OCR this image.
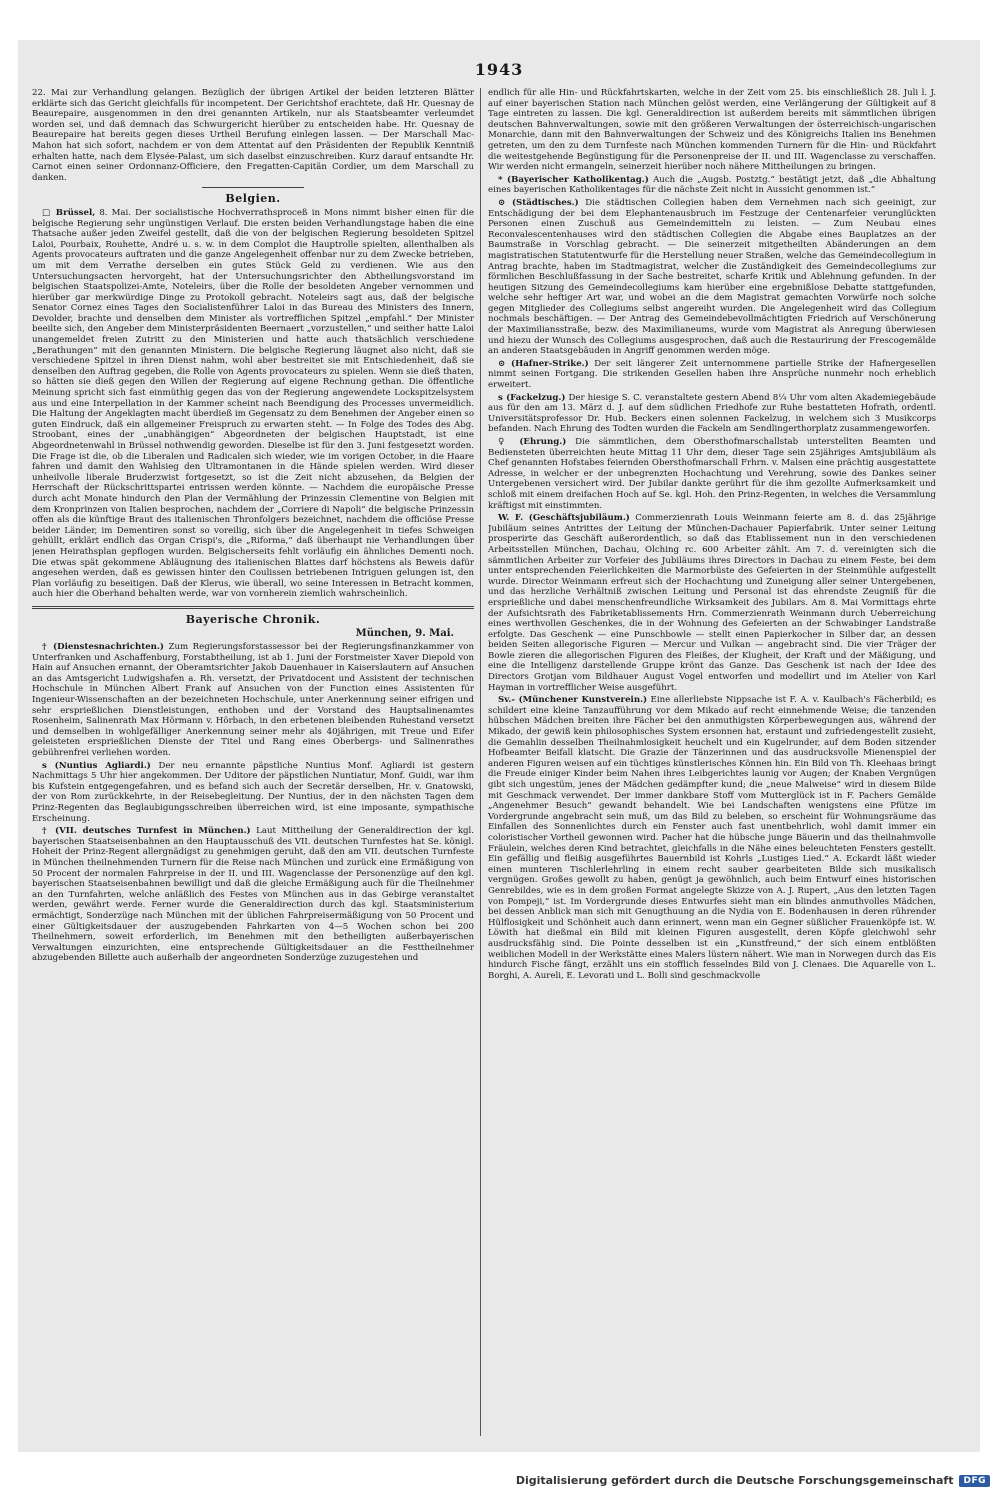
1943

22. Mai zur Verhandlung gelangen. Bezüglich der übrigen Artikel der beiden letzteren Blätter erklärte sich das Gericht gleichfalls für incompetent. Der Gerichtshof erachtete, daß Hr. Quesnay de Beaurepaire, ausgenommen in den drei genannten Artikeln, nur als Staatsbeamter verleumdet worden sei, und daß demnach das Schwurgericht hierüber zu entscheiden habe. Hr. Quesnay de Beaurepaire hat bereits gegen dieses Urtheil Berufung einlegen lassen. — Der Marschall Mac-Mahon hat sich sofort, nachdem er von dem Attentat auf den Präsidenten der Republik Kenntniß erhalten hatte, nach dem Elysée-Palast, um sich daselbst einzuschreiben. Kurz darauf entsandte Hr. Carnot einen seiner Ordonnanz-Officiere, den Fregatten-Capitän Cordier, um dem Marschall zu danken.

Belgien.

□ Brüssel, 8. Mai. Der socialistische Hochverrathsproceß in Mons nimmt bisher einen für die belgische Regierung sehr ungünstigen Verlauf. Die ersten beiden Verhandlungstage haben die eine Thatsache außer jeden Zweifel gestellt, daß die von der belgischen Regierung besoldeten Spitzel Laloi, Pourbaix, Rouhette, André u. s. w. in dem Complot die Hauptrolle spielten, allenthalben als Agents provocateurs auftraten und die ganze Angelegenheit offenbar nur zu dem Zwecke betrieben, um mit dem Verrathe derselben ein gutes Stück Geld zu verdienen. Wie aus den Untersuchungsacten hervorgeht, hat der Untersuchungsrichter den Abtheilungsvorstand im belgischen Staatspolizei-Amte, Noteleirs, über die Rolle der besoldeten Angeber vernommen und hierüber gar merkwürdige Dinge zu Protokoll gebracht. Noteleirs sagt aus, daß der belgische Senator Cornez eines Tages den Socialistenführer Laloi in das Bureau des Ministers des Innern, Devolder, brachte und denselben dem Minister als vortrefflichen Spitzel „empfahl.“ Der Minister beeilte sich, den Angeber dem Ministerpräsidenten Beernaert „vorzustellen,“ und seither hatte Laloi unangemeldet freien Zutritt zu den Ministerien und hatte auch thatsächlich verschiedene „Berathungen“ mit den genannten Ministern. Die belgische Regierung läugnet also nicht, daß sie verschiedene Spitzel in ihren Dienst nahm, wohl aber bestreitet sie mit Entschiedenheit, daß sie denselben den Auftrag gegeben, die Rolle von Agents provocateurs zu spielen. Wenn sie dieß thaten, so hätten sie dieß gegen den Willen der Regierung auf eigene Rechnung gethan. Die öffentliche Meinung spricht sich fast einmüthig gegen das von der Regierung angewendete Lockspitzelsystem aus und eine Interpellation in der Kammer scheint nach Beendigung des Processes unvermeidlich. Die Haltung der Angeklagten macht überdieß im Gegensatz zu dem Benehmen der Angeber einen so guten Eindruck, daß ein allgemeiner Freispruch zu erwarten steht. — In Folge des Todes des Abg. Stroobant, eines der „unabhängigen“ Abgeordneten der belgischen Hauptstadt, ist eine Abgeordnetenwahl in Brüssel nothwendig geworden. Dieselbe ist für den 3. Juni festgesetzt worden. Die Frage ist die, ob die Liberalen und Radicalen sich wieder, wie im vorigen October, in die Haare fahren und damit den Wahlsieg den Ultramontanen in die Hände spielen werden. Wird dieser unheilvolle liberale Bruderzwist fortgesetzt, so ist die Zeit nicht abzusehen, da Belgien der Herrschaft der Rückschrittspartei entrissen werden könnte. — Nachdem die europäische Presse durch acht Monate hindurch den Plan der Vermählung der Prinzessin Clementine von Belgien mit dem Kronprinzen von Italien besprochen, nachdem der „Corriere di Napoli“ die belgische Prinzessin offen als die künftige Braut des italienischen Thronfolgers bezeichnet, nachdem die officiöse Presse beider Länder, im Dementiren sonst so voreilig, sich über die Angelegenheit in tiefes Schweigen gehüllt, erklärt endlich das Organ Crispi's, die „Riforma,“ daß überhaupt nie Verhandlungen über jenen Heirathsplan gepflogen wurden. Belgischerseits fehlt vorläufig ein ähnliches Dementi noch. Die etwas spät gekommene Abläugnung des italienischen Blattes darf höchstens als Beweis dafür angesehen werden, daß es gewissen hinter den Coulissen betriebenen Intriguen gelungen ist, den Plan vorläufig zu beseitigen. Daß der Klerus, wie überall, wo seine Interessen in Betracht kommen, auch hier die Oberhand behalten werde, war von vornherein ziemlich wahrscheinlich.

Bayerische Chronik.
München, 9. Mai.

† (Dienstesnachrichten.) Zum Regierungsforstassessor bei der Regierungsfinanzkammer von Unterfranken und Aschaffenburg, Forstabtheilung, ist ab 1. Juni der Forstmeister Xaver Diepold von Hain auf Ansuchen ernannt, der Oberamtsrichter Jakob Dauenhauer in Kaiserslautern auf Ansuchen an das Amtsgericht Ludwigshafen a. Rh. versetzt, der Privatdocent und Assistent der technischen Hochschule in München Albert Frank auf Ansuchen von der Function eines Assistenten für Ingenieur-Wissenschaften an der bezeichneten Hochschule, unter Anerkennung seiner eifrigen und sehr ersprießlichen Dienstleistungen, enthoben und der Vorstand des Hauptsalinenamtes Rosenheim, Salinenrath Max Hörmann v. Hörbach, in den erbetenen bleibenden Ruhestand versetzt und demselben in wohlgefälliger Anerkennung seiner mehr als 40jährigen, mit Treue und Eifer geleisteten ersprießlichen Dienste der Titel und Rang eines Oberbergs- und Salinenrathes gebührenfrei verliehen worden.

s (Nuntius Agliardi.) Der neu ernannte päpstliche Nuntius Monf. Agliardi ist gestern Nachmittags 5 Uhr hier angekommen. Der Uditore der päpstlichen Nuntiatur, Monf. Guidi, war ihm bis Kufstein entgegengefahren, und es befand sich auch der Secretär derselben, Hr. v. Gnatowski, der von Rom zurückkehrte, in der Reisebegleitung. Der Nuntius, der in den nächsten Tagen dem Prinz-Regenten das Beglaubigungsschreiben überreichen wird, ist eine imposante, sympathische Erscheinung.

† (VII. deutsches Turnfest in München.) Laut Mittheilung der Generaldirection der kgl. bayerischen Staatseisenbahnen an den Hauptausschuß des VII. deutschen Turnfestes hat Se. königl. Hoheit der Prinz-Regent allergnädigst zu genehmigen geruht, daß den am VII. deutschen Turnfeste in München theilnehmenden Turnern für die Reise nach München und zurück eine Ermäßigung von 50 Procent der normalen Fahrpreise in der II. und III. Wagenclasse der Personenzüge auf den kgl. bayerischen Staatseisenbahnen bewilligt und daß die gleiche Ermäßigung auch für die Theilnehmer an den Turnfahrten, welche anläßlich des Festes von München aus in das Gebirge veranstaltet werden, gewährt werde. Ferner wurde die Generaldirection durch das kgl. Staatsministerium ermächtigt, Sonderzüge nach München mit der üblichen Fahrpreisermäßigung von 50 Procent und einer Gültigkeitsdauer der auszugebenden Fahrkarten von 4—5 Wochen schon bei 200 Theilnehmern, soweit erforderlich, im Benehmen mit den betheiligten außerbayerischen Verwaltungen einzurichten, eine entsprechende Gültigkeitsdauer an die Festtheilnehmer abzugebenden Billette auch außerhalb der angeordneten Sonderzüge zuzugestehen und

endlich für alle Hin- und Rückfahrtskarten, welche in der Zeit vom 25. bis einschließlich 28. Juli l. J. auf einer bayerischen Station nach München gelöst werden, eine Verlängerung der Gültigkeit auf 8 Tage eintreten zu lassen. Die kgl. Generaldirection ist außerdem bereits mit sämmtlichen übrigen deutschen Bahnverwaltungen, sowie mit den größeren Verwaltungen der österreichisch-ungarischen Monarchie, dann mit den Bahnverwaltungen der Schweiz und des Königreichs Italien ins Benehmen getreten, um den zu dem Turnfeste nach München kommenden Turnern für die Hin- und Rückfahrt die weitestgehende Begünstigung für die Personenpreise der II. und III. Wagenclasse zu verschaffen. Wir werden nicht ermangeln, seinerzeit hierüber noch nähere Mittheilungen zu bringen.

* (Bayerischer Katholikentag.) Auch die „Augsb. Postztg.“ bestätigt jetzt, daß „die Abhaltung eines bayerischen Katholikentages für die nächste Zeit nicht in Aussicht genommen ist.“

⊙ (Städtisches.) Die städtischen Collegien haben dem Vernehmen nach sich geeinigt, zur Entschädigung der bei dem Elephantenausbruch im Festzuge der Centenarfeier verunglückten Personen einen Zuschuß aus Gemeindemitteln zu leisten. — Zum Neubau eines Reconvalescentenhauses wird den städtischen Collegien die Abgabe eines Bauplatzes an der Baumstraße in Vorschlag gebracht. — Die seinerzeit mitgetheilten Abänderungen an dem magistratischen Statutentwurfe für die Herstellung neuer Straßen, welche das Gemeindecollegium in Antrag brachte, haben im Stadtmagistrat, welcher die Zuständigkeit des Gemeindecollegiums zur förmlichen Beschlußfassung in der Sache bestreitet, scharfe Kritik und Ablehnung gefunden. In der heutigen Sitzung des Gemeindecollegiums kam hierüber eine ergebnißlose Debatte stattgefunden, welche sehr heftiger Art war, und wobei an die dem Magistrat gemachten Vorwürfe noch solche gegen Mitglieder des Collegiums selbst angereiht wurden. Die Angelegenheit wird das Collegium nochmals beschäftigen. — Der Antrag des Gemeindebevollmächtigten Friedrich auf Verschönerung der Maximiliansstraße, bezw. des Maximilianeums, wurde vom Magistrat als Anregung überwiesen und hiezu der Wunsch des Collegiums ausgesprochen, daß auch die Restaurirung der Frescogemälde an anderen Staatsgebäuden in Angriff genommen werden möge.

⊙ (Hafner-Strike.) Der seit längerer Zeit unternommene partielle Strike der Hafnergesellen nimmt seinen Fortgang. Die strikenden Gesellen haben ihre Ansprüche nunmehr noch erheblich erweitert.

s (Fackelzug.) Der hiesige S. C. veranstaltete gestern Abend 8¼ Uhr vom alten Akademiegebäude aus für den am 13. März d. J. auf dem südlichen Friedhofe zur Ruhe bestatteten Hofrath, ordentl. Universitätsprofessor Dr. Hub. Beckers einen solennen Fackelzug, in welchem sich 3 Musikcorps befanden. Nach Ehrung des Todten wurden die Fackeln am Sendlingerthorplatz zusammengeworfen.

♀ (Ehrung.) Die sämmtlichen, dem Obersthofmarschallstab unterstellten Beamten und Bediensteten überreichten heute Mittag 11 Uhr dem, dieser Tage sein 25jähriges Amtsjubiläum als Chef genannten Hofstabes feiernden Obersthofmarschall Frhrn. v. Malsen eine prächtig ausgestattete Adresse, in welcher er der unbegrenzten Hochachtung und Verehrung, sowie des Dankes seiner Untergebenen versichert wird. Der Jubilar dankte gerührt für die ihm gezollte Aufmerksamkeit und schloß mit einem dreifachen Hoch auf Se. kgl. Hoh. den Prinz-Regenten, in welches die Versammlung kräftigst mit einstimmten.

W. F. (Geschäftsjubiläum.) Commerzienrath Louis Weinmann feierte am 8. d. das 25jährige Jubiläum seines Antrittes der Leitung der München-Dachauer Papierfabrik. Unter seiner Leitung prosperirte das Geschäft außerordentlich, so daß das Etablissement nun in den verschiedenen Arbeitsstellen München, Dachau, Olching rc. 600 Arbeiter zählt. Am 7. d. vereinigten sich die sämmtlichen Arbeiter zur Vorfeier des Jubiläums ihres Directors in Dachau zu einem Feste, bei dem unter entsprechenden Feierlichkeiten die Marmorbüste des Gefeierten in der Steinmühle aufgestellt wurde. Director Weinmann erfreut sich der Hochachtung und Zuneigung aller seiner Untergebenen, und das herzliche Verhältniß zwischen Leitung und Personal ist das ehrendste Zeugniß für die ersprießliche und dabei menschenfreundliche Wirksamkeit des Jubilars. Am 8. Mai Vormittags ehrte der Aufsichtsrath des Fabriketablissements Hrn. Commerzienrath Weinmann durch Ueberreichung eines werthvollen Geschenkes, die in der Wohnung des Gefeierten an der Schwabinger Landstraße erfolgte. Das Geschenk — eine Punschbowle — stellt einen Papierkocher in Silber dar, an dessen beiden Seiten allegorische Figuren — Mercur und Vulkan — angebracht sind. Die vier Träger der Bowle zieren die allegorischen Figuren des Fleißes, der Klugheit, der Kraft und der Mäßigung, und eine die Intelligenz darstellende Gruppe krönt das Ganze. Das Geschenk ist nach der Idee des Directors Grotjan vom Bildhauer August Vogel entworfen und modellirt und im Atelier von Karl Hayman in vortrefflicher Weise ausgeführt.

Sv.- (Münchener Kunstverein.) Eine allerliebste Nippsache ist F. A. v. Kaulbach's Fächerbild; es schildert eine kleine Tanzaufführung vor dem Mikado auf recht einnehmende Weise; die tanzenden hübschen Mädchen breiten ihre Fächer bei den anmuthigsten Körperbewegungen aus, während der Mikado, der gewiß kein philosophisches System ersonnen hat, erstaunt und zufriedengestellt zusieht, die Gemahlin desselben Theilnahmlosigkeit heuchelt und ein Kugelrunder, auf dem Boden sitzender Hofbeamter Beifall klatscht. Die Grazie der Tänzerinnen und das ausdrucksvolle Mienenspiel der anderen Figuren weisen auf ein tüchtiges künstlerisches Können hin. Ein Bild von Th. Kleehaas bringt die Freude einiger Kinder beim Nahen ihres Leibgerichtes launig vor Augen; der Knaben Vergnügen gibt sich ungestüm, jenes der Mädchen gedämpfter kund; die „neue Malweise“ wird in diesem Bilde mit Geschmack verwendet. Der immer dankbare Stoff vom Mutterglück ist in F. Pachers Gemälde „Angenehmer Besuch“ gewandt behandelt. Wie bei Landschaften wenigstens eine Pfütze im Vordergrunde angebracht sein muß, um das Bild zu beleben, so erscheint für Wohnungsräume das Einfallen des Sonnenlichtes durch ein Fenster auch fast unentbehrlich, wohl damit immer ein coloristischer Vortheil gewonnen wird. Pacher hat die hübsche junge Bäuerin und das theilnahmvolle Fräulein, welches deren Kind betrachtet, gleichfalls in die Nähe eines beleuchteten Fensters gestellt. Ein gefällig und fleißig ausgeführtes Bauernbild ist Kohrls „Lustiges Lied.“ A. Eckardt läßt wieder einen munteren Tischlerlehrling in einem recht sauber gearbeiteten Bilde sich musikalisch vergnügen. Großes gewollt zu haben, genügt ja gewöhnlich, auch beim Entwurf eines historischen Genrebildes, wie es in dem großen Format angelegte Skizze von A. J. Rupert, „Aus den letzten Tagen von Pompeji,“ ist. Im Vordergrunde dieses Entwurfes sieht man ein blindes anmuthvolles Mädchen, bei dessen Anblick man sich mit Genugthuung an die Nydia von E. Bodenhausen in deren rührender Hülflosigkeit und Schönheit auch dann erinnert, wenn man ein Gegner süßlicher Frauenköpfe ist. W. Löwith hat dießmal ein Bild mit kleinen Figuren ausgestellt, deren Köpfe gleichwohl sehr ausdrucksfähig sind. Die Pointe desselben ist ein „Kunstfreund,“ der sich einem entblößten weiblichen Modell in der Werkstätte eines Malers lüstern nähert. Wie man in Norwegen durch das Eis hindurch Fische fängt, erzählt uns ein stofflich fesselndes Bild von J. Clenaes. Die Aquarelle von L. Borghi, A. Aureli, E. Levorati und L. Bolli sind geschmackvolle

Digitalisierung gefördert durch die Deutsche Forschungsgemeinschaft	DFG
